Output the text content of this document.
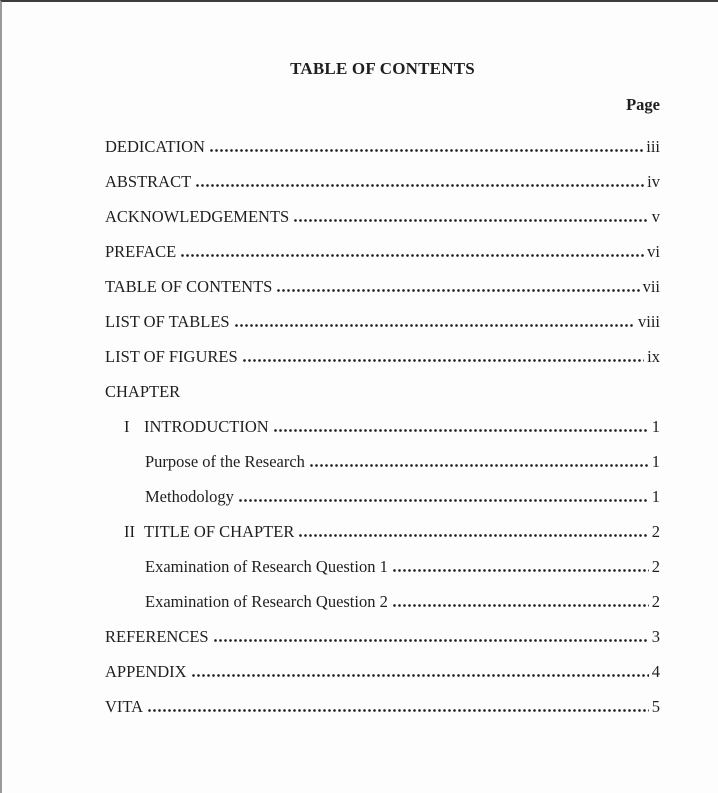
TABLE OF CONTENTS
Page
DEDICATION	iii
ABSTRACT	iv
ACKNOWLEDGEMENTS	v
PREFACE	vi
TABLE OF CONTENTS	vii
LIST OF TABLES	viii
LIST OF FIGURES	ix
CHAPTER
I INTRODUCTION	1
Purpose of the Research	1
Methodology	1
II TITLE OF CHAPTER	2
Examination of Research Question 1	2
Examination of Research Question 2	2
REFERENCES	3
APPENDIX	4
VITA	5
